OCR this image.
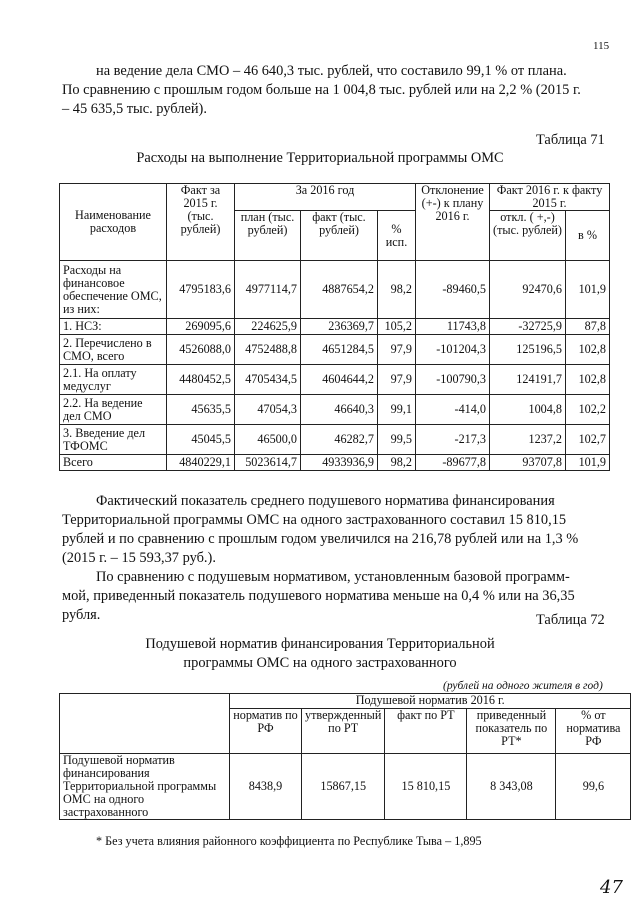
115
на ведение дела СМО – 46 640,3 тыс. рублей, что составило 99,1 % от плана.
По сравнению с прошлым годом больше на 1 004,8 тыс. рублей или на 2,2 % (2015 г.
– 45 635,5 тыс. рублей).
Таблица 71
Расходы на выполнение Территориальной программы ОМС
Наименование расходов	Факт за 2015 г. (тыс. рублей)	За 2016 год			Отклонение (+-) к плану 2016 г.	Факт 2016 г. к факту 2015 г.	
		план (тыс. рублей)	факт (тыс. рублей)	% исп.		откл. ( +,-) (тыс. рублей)	в %
Расходы на финансовое обеспечение ОМС, из них:	4795183,6	4977114,7	4887654,2	98,2	-89460,5	92470,6	101,9
1. НСЗ:	269095,6	224625,9	236369,7	105,2	11743,8	-32725,9	87,8
2. Перечислено в СМО, всего	4526088,0	4752488,8	4651284,5	97,9	-101204,3	125196,5	102,8
2.1. На оплату медуслуг	4480452,5	4705434,5	4604644,2	97,9	-100790,3	124191,7	102,8
2.2. На ведение дел СМО	45635,5	47054,3	46640,3	99,1	-414,0	1004,8	102,2
3. Введение дел ТФОМС	45045,5	46500,0	46282,7	99,5	-217,3	1237,2	102,7
Всего	4840229,1	5023614,7	4933936,9	98,2	-89677,8	93707,8	101,9
Фактический показатель среднего подушевого норматива финансирования
Территориальной программы ОМС на одного застрахованного составил 15 810,15
рублей и по сравнению с прошлым годом увеличился на 216,78 рублей или на 1,3 %
(2015 г. – 15 593,37 руб.).
По сравнению с подушевым нормативом, установленным базовой программ-
мой, приведенный показатель подушевого норматива меньше на 0,4 % или на 36,35
рубля.	Таблица 72
Подушевой норматив финансирования Территориальной
программы ОМС на одного застрахованного
(рублей на одного жителя в год)
	Подушевой норматив 2016 г.				
	норматив по РФ	утвержденный по РТ	факт по РТ	приведенный показатель по РТ*	% от норматива РФ
Подушевой норматив финансирования Территориальной программы ОМС на одного застрахованного	8438,9	15867,15	15 810,15	8 343,08	99,6
* Без учета влияния районного коэффициента по Республике Тыва – 1,895
47
